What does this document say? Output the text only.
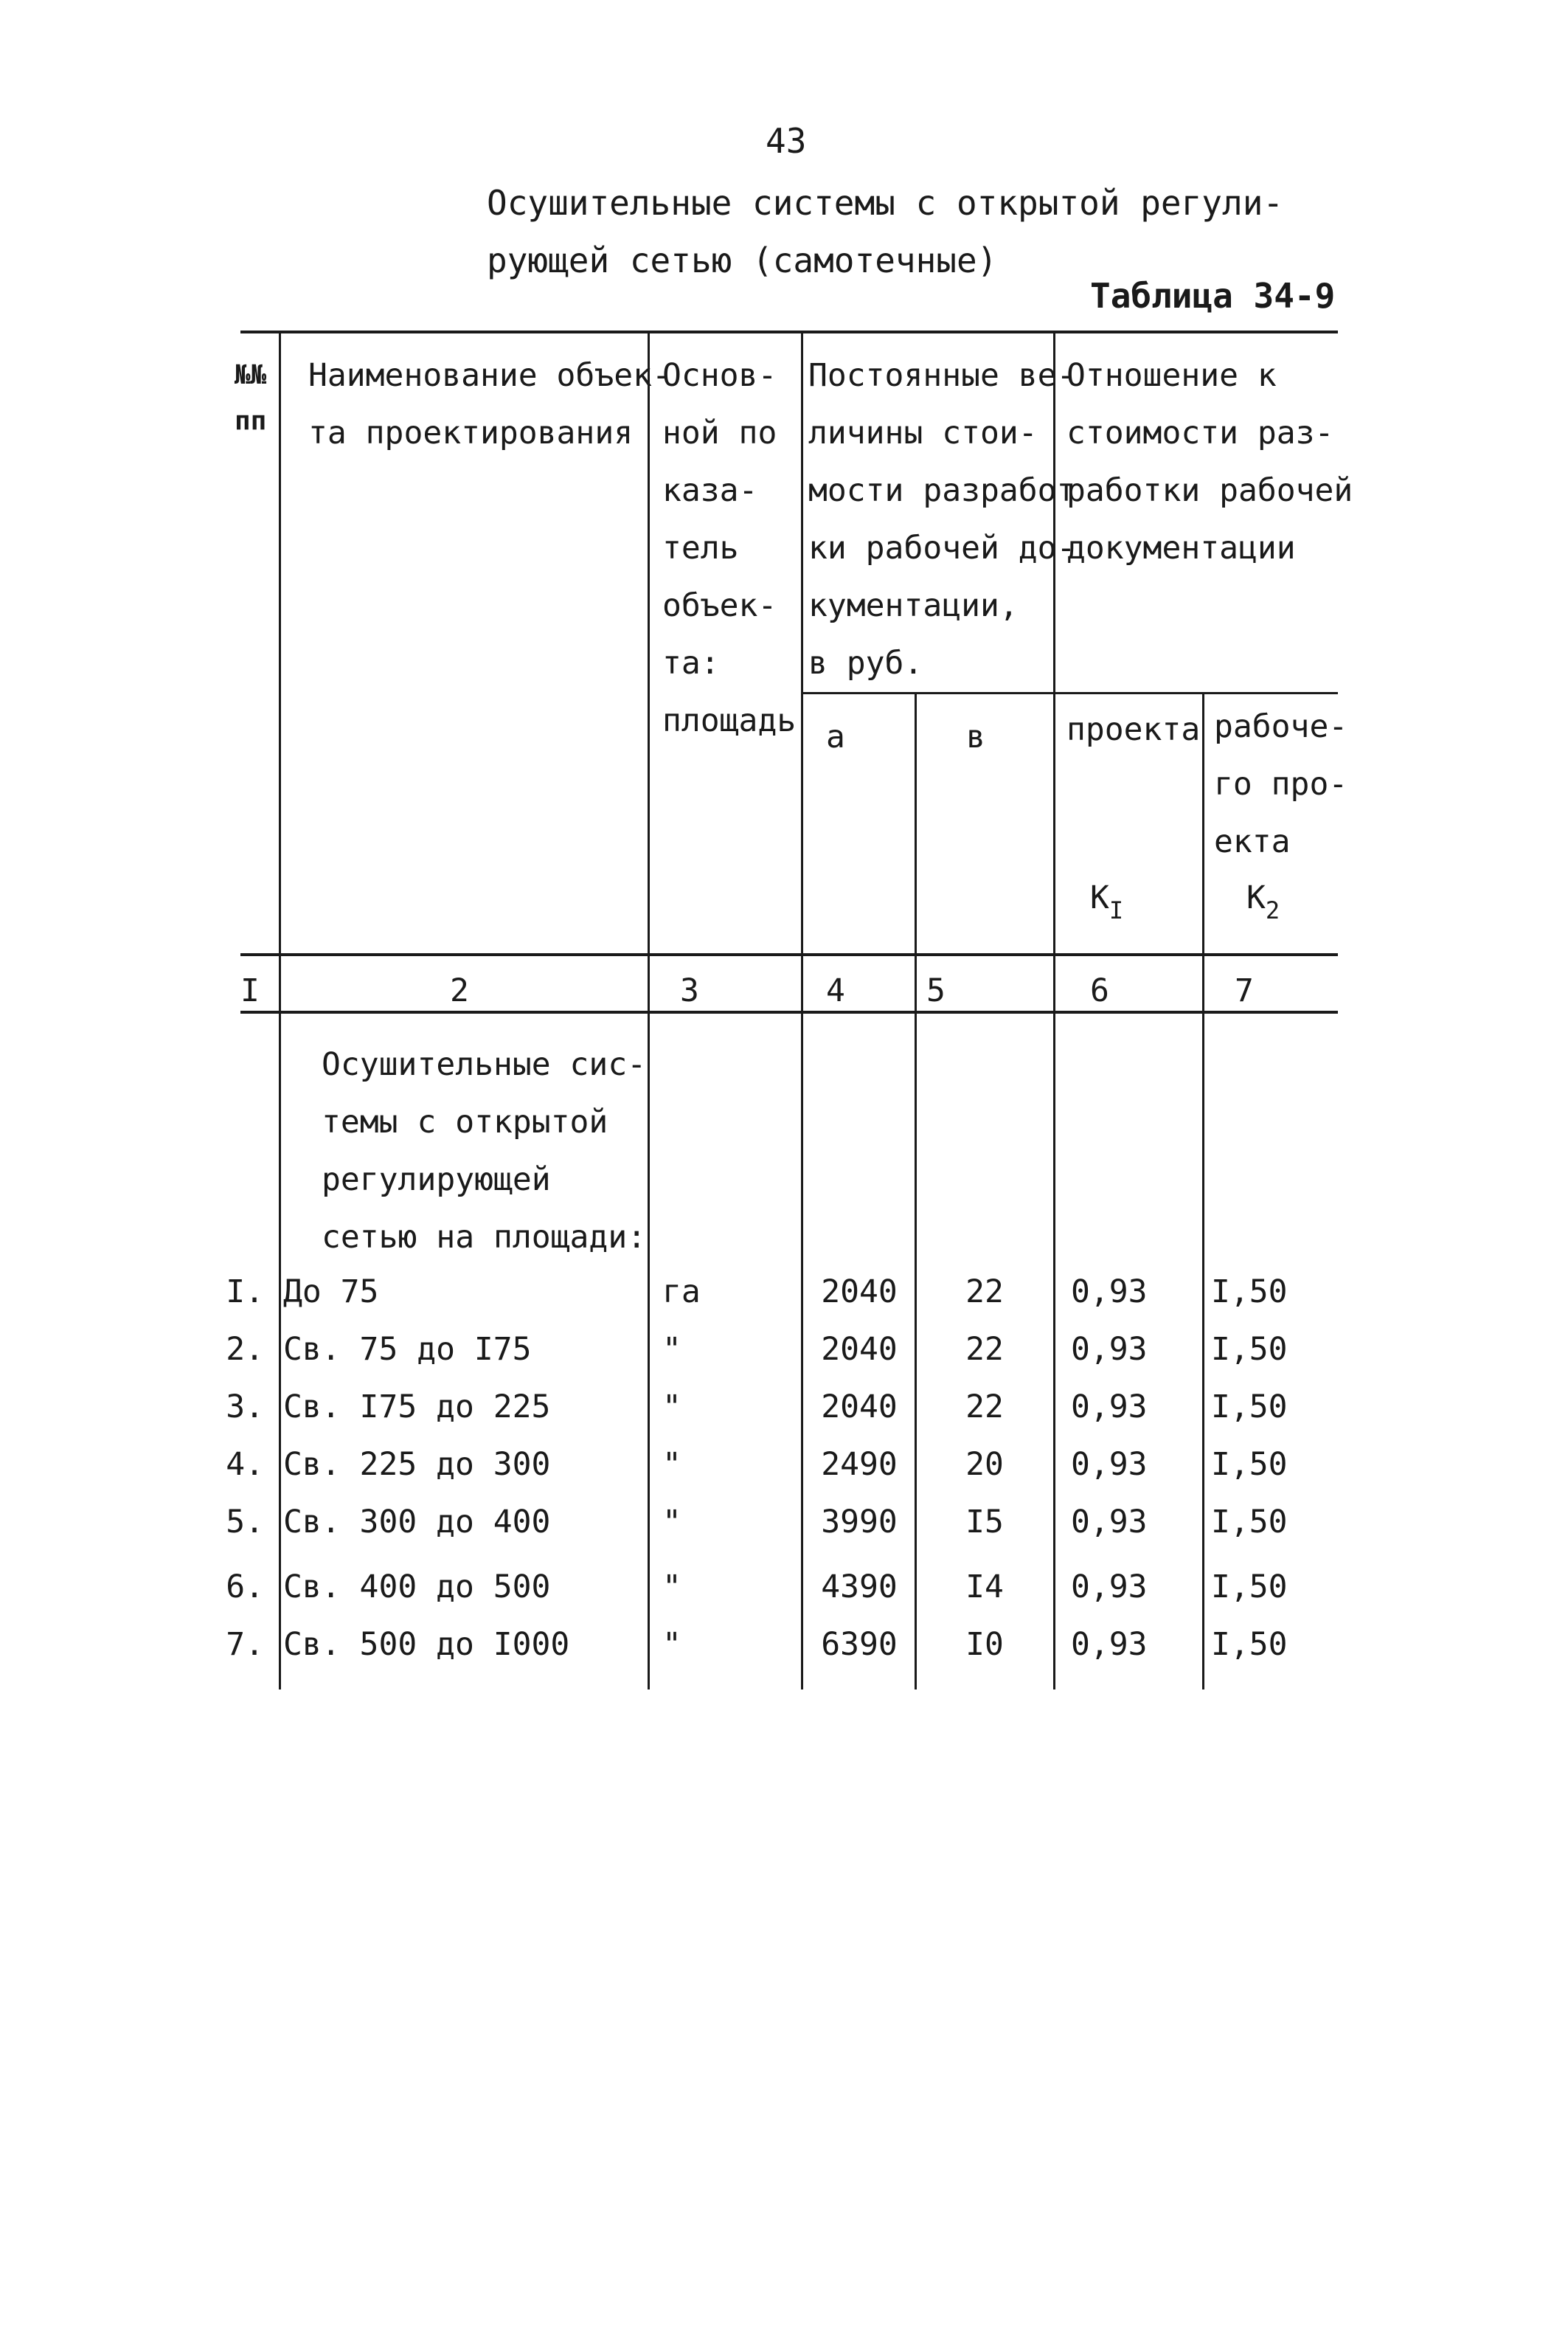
43
Осушительные системы с открытой регули-
рующей сетью (самотечные)
Таблица 34-9
№№
пп
Наименование объек-
та проектирования
Основ-
ной по
каза-
тель
объек-
та:
площадь
Постоянные ве-
личины стои-
мости разработ
ки рабочей до-
кументации,
в руб.
а	в
Отношение к
стоимости раз-
работки рабочей
документации
проекта
$К_I$
рабоче-
го про-
екта
$К_2$
I	2	3	4	5	6	7
Осушительные сис-
темы с открытой
регулирующей
сетью на площади:
I. До 75	га	2040	22	0,93 I,50
2. Св. 75 до I75	"	2040	22	0,93 I,50
3. Св. I75 до 225	"	2040	22	0,93 I,50
4. Св. 225 до 300	"	2490	20	0,93 I,50
5. Св. 300 до 400	"	3990	I5	0,93 I,50
6. Св. 400 до 500	"	4390	I4	0,93 I,50
7. Св. 500 до I000	"	6390	I0	0,93 I,50
